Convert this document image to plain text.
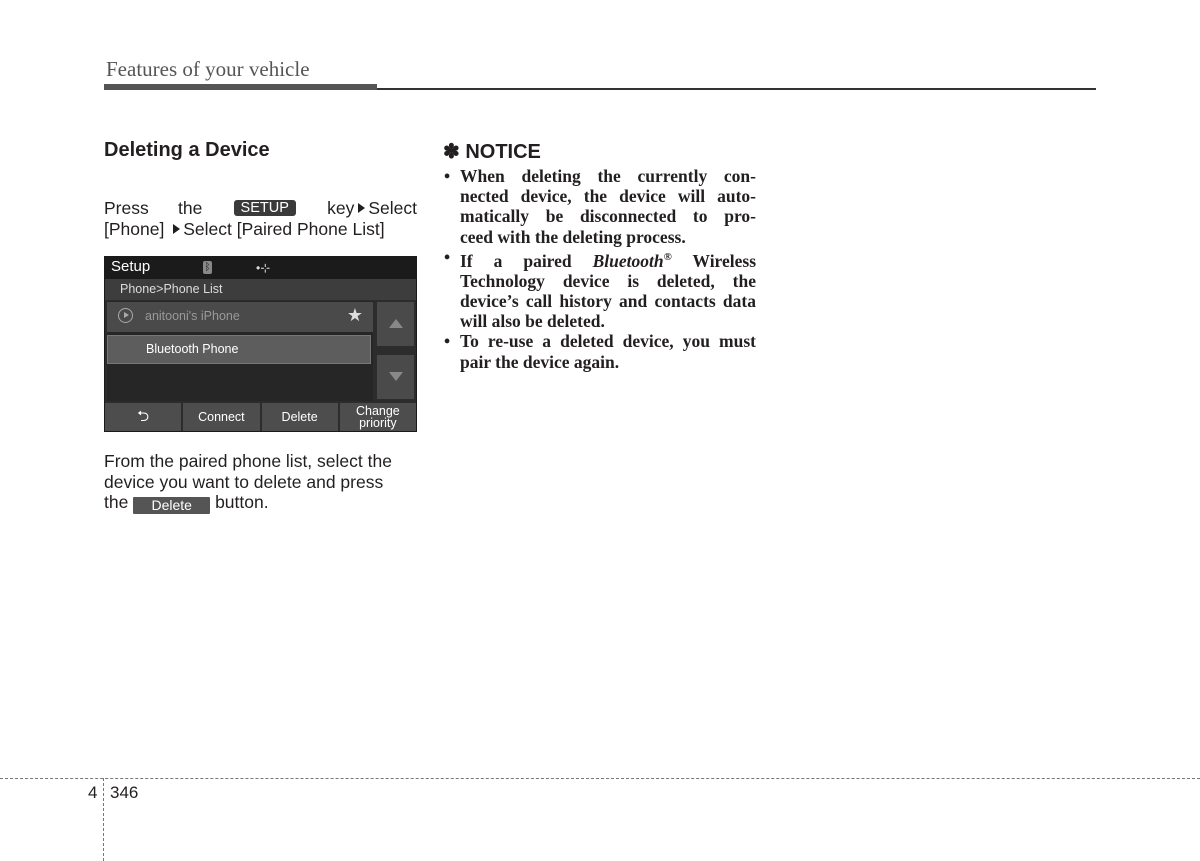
Features of your vehicle
Deleting a Device
Press the	SETUP	key Select
[Phone] Select [Paired Phone List]
Setup	ᛒ	•⊹
Phone>Phone List
anitooni's iPhone	★
Bluetooth Phone
⮌	Connect	Delete	Change
priority
From the paired phone list, select the
device you want to delete and press
the Delete button.
✽ NOTICE
• When deleting the currently con-
nected device, the device will auto-
matically be disconnected to pro-
ceed with the deleting process.
• If a paired Bluetooth® Wireless Technology device is deleted, the device’s call history and contacts data will also be deleted.
• To re-use a deleted device, you must pair the device again.
4 346
